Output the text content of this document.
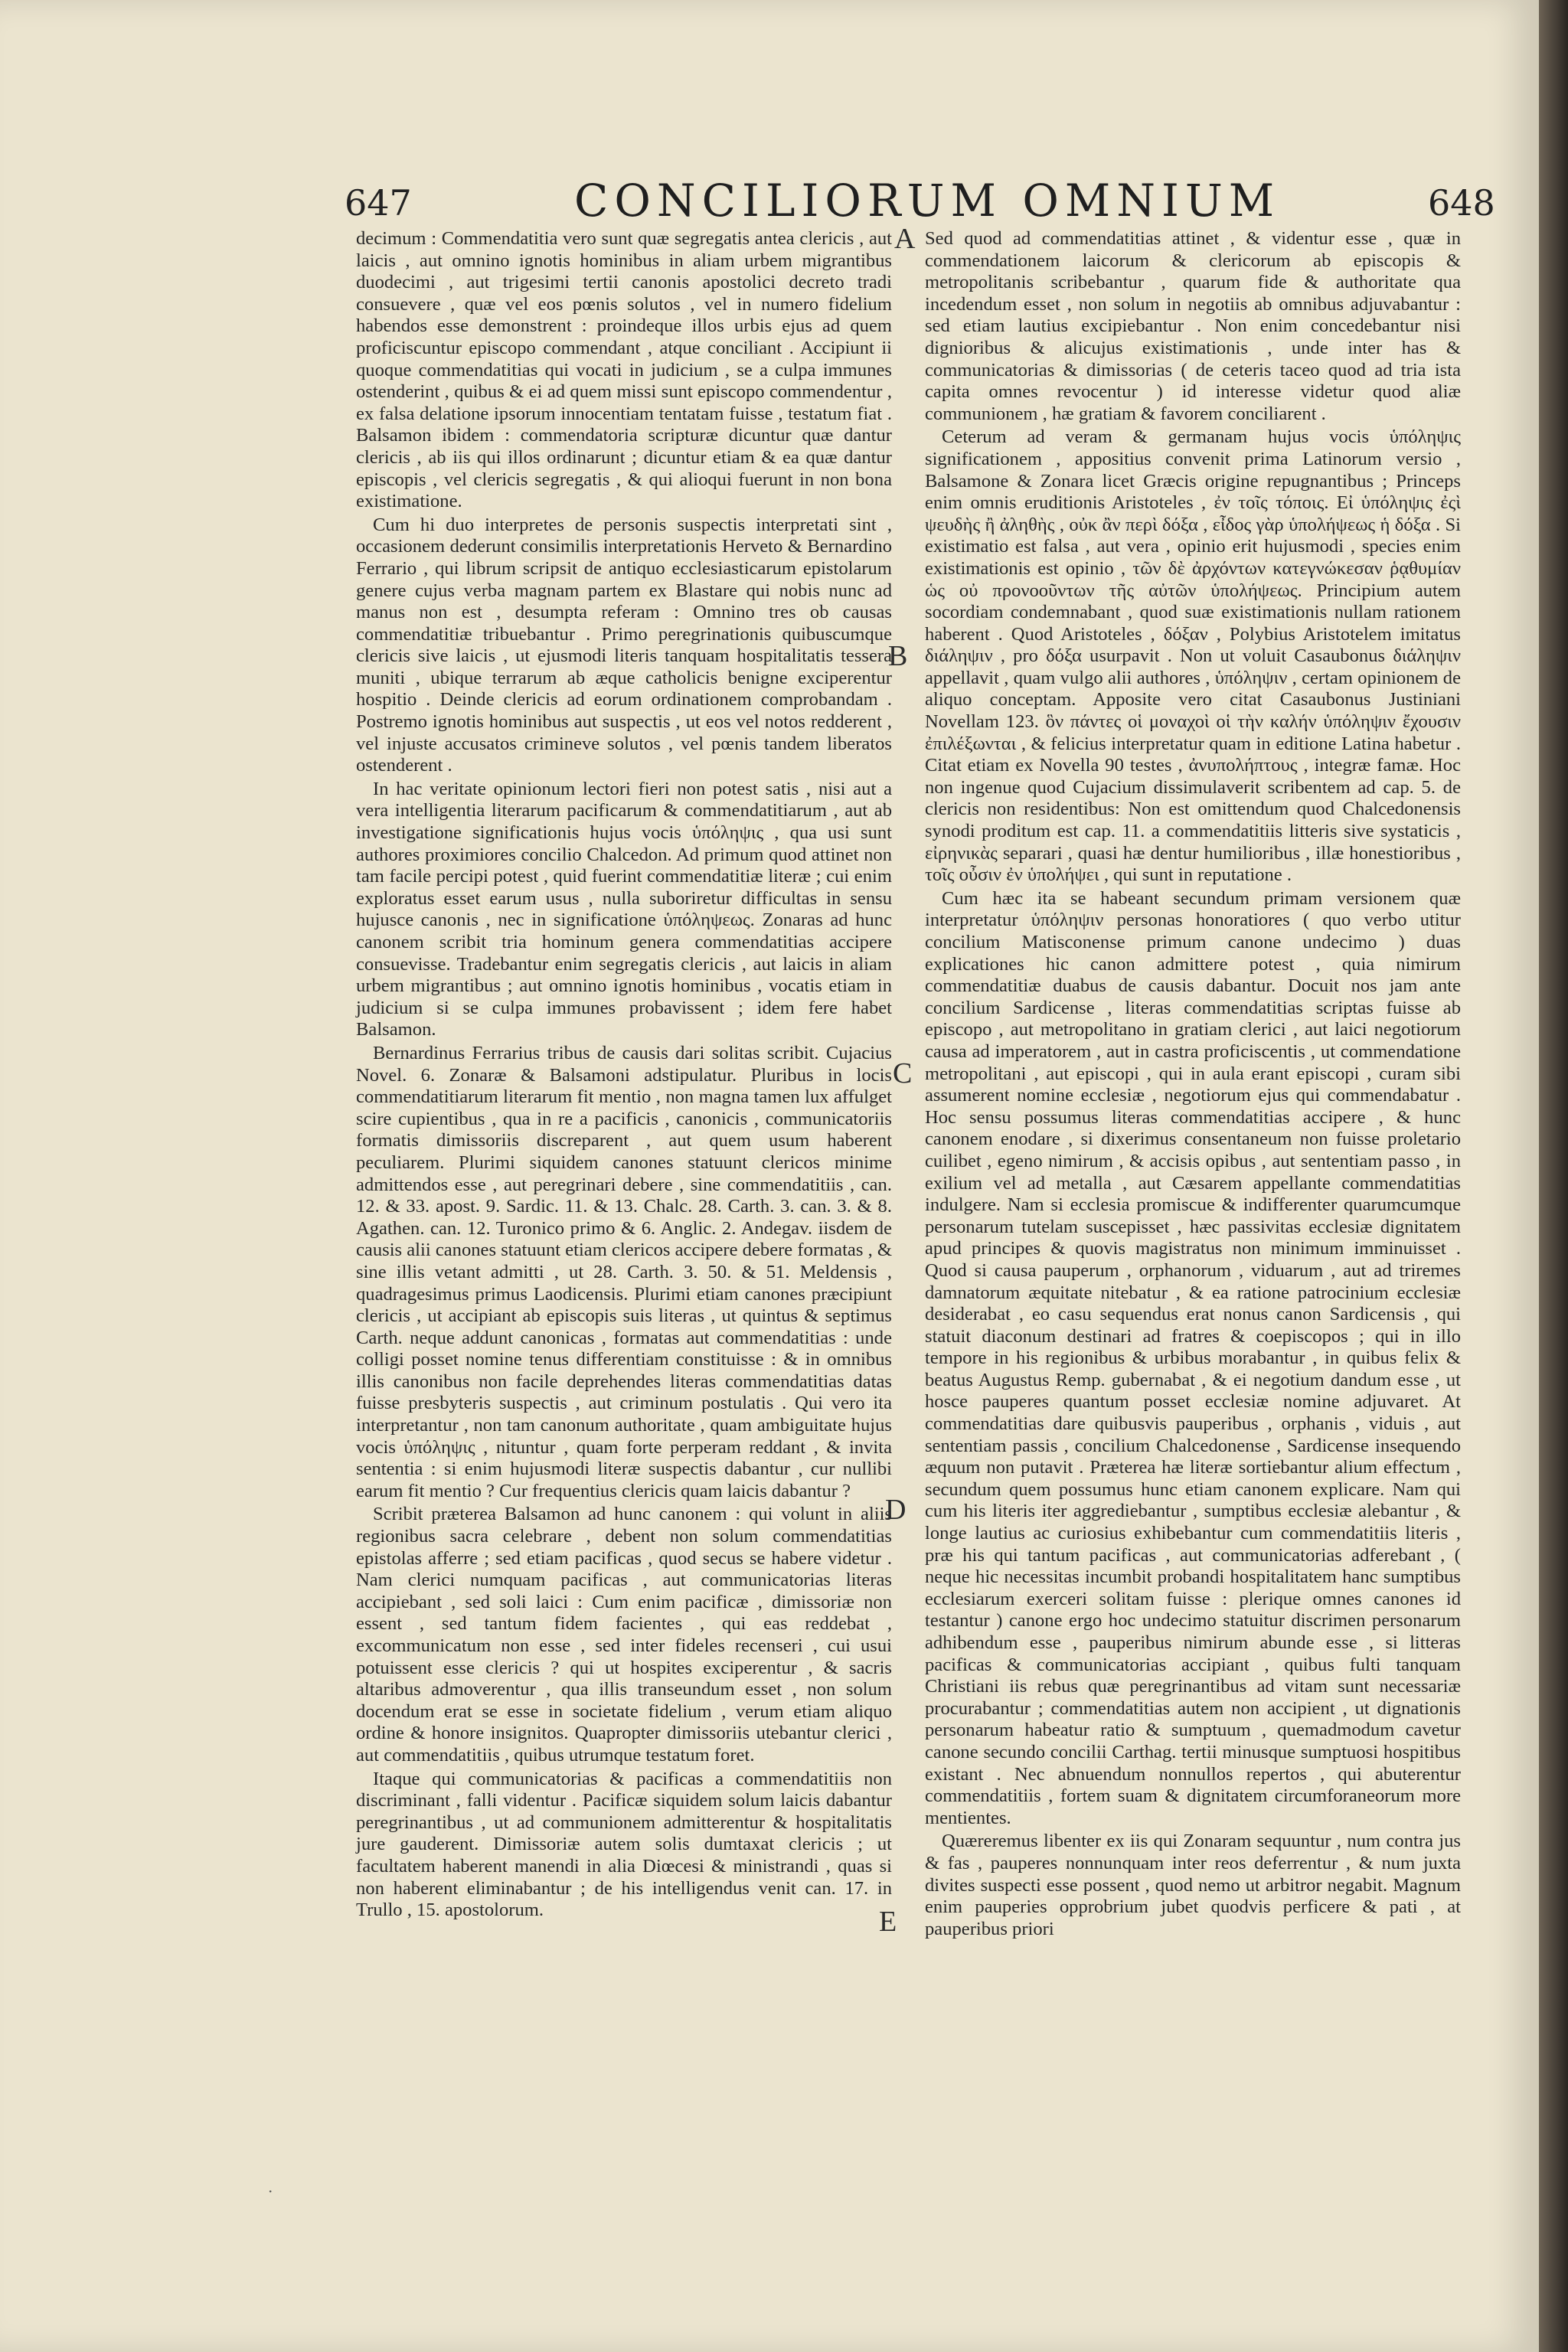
647	CONCILIORUM OMNIUM	648

decimum : Commendatitia vero sunt quæ segregatis antea clericis , aut laicis , aut omnino ignotis hominibus in aliam urbem migrantibus duodecimi , aut trigesimi tertii canonis apostolici decreto tradi consuevere , quæ vel eos pœnis solutos , vel in numero fidelium habendos esse demonstrent : proindeque illos urbis ejus ad quem proficiscuntur episcopo commendant , atque conciliant . Accipiunt ii quoque commendatitias qui vocati in judicium , se a culpa immunes ostenderint , quibus & ei ad quem missi sunt episcopo commendentur , ex falsa delatione ipsorum innocentiam tentatam fuisse , testatum fiat . Balsamon ibidem : commendatoria scripturæ dicuntur quæ dantur clericis , ab iis qui illos ordinarunt ; dicuntur etiam & ea quæ dantur episcopis , vel clericis segregatis , & qui alioqui fuerunt in non bona existimatione.

Cum hi duo interpretes de personis suspectis interpretati sint , occasionem dederunt consimilis interpretationis Herveto & Bernardino Ferrario , qui librum scripsit de antiquo ecclesiasticarum epistolarum genere cujus verba magnam partem ex Blastare qui nobis nunc ad manus non est , desumpta referam : Omnino tres ob causas commendatitiæ tribuebantur . Primo peregrinationis quibuscumque clericis sive laicis , ut ejusmodi literis tanquam hospitalitatis tessera muniti , ubique terrarum ab æque catholicis benigne exciperentur hospitio . Deinde clericis ad eorum ordinationem comprobandam . Postremo ignotis hominibus aut suspectis , ut eos vel notos redderent , vel injuste accusatos crimineve solutos , vel pœnis tandem liberatos ostenderent .

In hac veritate opinionum lectori fieri non potest satis , nisi aut a vera intelligentia literarum pacificarum & commendatitiarum , aut ab investigatione significationis hujus vocis ὑπόληψις , qua usi sunt authores proximiores concilio Chalcedon. Ad primum quod attinet non tam facile percipi potest , quid fuerint commendatitiæ literæ ; cui enim exploratus esset earum usus , nulla suboriretur difficultas in sensu hujusce canonis , nec in significatione ὑπόληψεως. Zonaras ad hunc canonem scribit tria hominum genera commendatitias accipere consuevisse. Tradebantur enim segregatis clericis , aut laicis in aliam urbem migrantibus ; aut omnino ignotis hominibus , vocatis etiam in judicium si se culpa immunes probavissent ; idem fere habet Balsamon.

Bernardinus Ferrarius tribus de causis dari solitas scribit. Cujacius Novel. 6. Zonaræ & Balsamoni adstipulatur. Pluribus in locis commendatitiarum literarum fit mentio , non magna tamen lux affulget scire cupientibus , qua in re a pacificis , canonicis , communicatoriis formatis dimissoriis discreparent , aut quem usum haberent peculiarem. Plurimi siquidem canones statuunt clericos minime admittendos esse , aut peregrinari debere , sine commendatitiis , can. 12. & 33. apost. 9. Sardic. 11. & 13. Chalc. 28. Carth. 3. can. 3. & 8. Agathen. can. 12. Turonico primo & 6. Anglic. 2. Andegav. iisdem de causis alii canones statuunt etiam clericos accipere debere formatas , & sine illis vetant admitti , ut 28. Carth. 3. 50. & 51. Meldensis , quadragesimus primus Laodicensis. Plurimi etiam canones præcipiunt clericis , ut accipiant ab episcopis suis literas , ut quintus & septimus Carth. neque addunt canonicas , formatas aut commendatitias : unde colligi posset nomine tenus differentiam constituisse : & in omnibus illis canonibus non facile deprehendes literas commendatitias datas fuisse presbyteris suspectis , aut criminum postulatis . Qui vero ita interpretantur , non tam canonum authoritate , quam ambiguitate hujus vocis ὑπόληψις , nituntur , quam forte perperam reddant , & invita sententia : si enim hujusmodi literæ suspectis dabantur , cur nullibi earum fit mentio ? Cur frequentius clericis quam laicis dabantur ?

Scribit præterea Balsamon ad hunc canonem : qui volunt in aliis regionibus sacra celebrare , debent non solum commendatitias epistolas afferre ; sed etiam pacificas , quod secus se habere videtur . Nam clerici numquam pacificas , aut communicatorias literas accipiebant , sed soli laici : Cum enim pacificæ , dimissoriæ non essent , sed tantum fidem facientes , qui eas reddebat , excommunicatum non esse , sed inter fideles recenseri , cui usui potuissent esse clericis ? qui ut hospites exciperentur , & sacris altaribus admoverentur , qua illis transeundum esset , non solum docendum erat se esse in societate fidelium , verum etiam aliquo ordine & honore insignitos. Quapropter dimissoriis utebantur clerici , aut commendatitiis , quibus utrumque testatum foret.

Itaque qui communicatorias & pacificas a commendatitiis non discriminant , falli videntur . Pacificæ siquidem solum laicis dabantur peregrinantibus , ut ad communionem admitterentur & hospitalitatis jure gauderent. Dimissoriæ autem solis dumtaxat clericis ; ut facultatem haberent manendi in alia Diœcesi & ministrandi , quas si non haberent eliminabantur ; de his intelligendus venit can. 17. in Trullo , 15. apostolorum.

A
B
C
D
E

Sed quod ad commendatitias attinet , & videntur esse , quæ in commendationem laicorum & clericorum ab episcopis & metropolitanis scribebantur , quarum fide & authoritate qua incedendum esset , non solum in negotiis ab omnibus adjuvabantur : sed etiam lautius excipiebantur . Non enim concedebantur nisi dignioribus & alicujus existimationis , unde inter has & communicatorias & dimissorias ( de ceteris taceo quod ad tria ista capita omnes revocentur ) id interesse videtur quod aliæ communionem , hæ gratiam & favorem conciliarent .

Ceterum ad veram & germanam hujus vocis ὑπόληψις significationem , appositius convenit prima Latinorum versio , Balsamone & Zonara licet Græcis origine repugnantibus ; Princeps enim omnis eruditionis Aristoteles , ἐν τοῖς τόποις. Εἰ ὑπόληψις ἐςὶ ψευδὴς ἢ ἀληθὴς , οὐκ ἂν περὶ δόξα , εἶδος γὰρ ὑπολήψεως ἡ δόξα . Si existimatio est falsa , aut vera , opinio erit hujusmodi , species enim existimationis est opinio , τῶν δὲ ἀρχόντων κατεγνώκεσαν ῥᾳθυμίαν ὡς οὐ προνοοῦντων τῆς αὐτῶν ὑπολήψεως. Principium autem socordiam condemnabant , quod suæ existimationis nullam rationem haberent . Quod Aristoteles , δόξαν , Polybius Aristotelem imitatus διάληψιν , pro δόξα usurpavit . Non ut voluit Casaubonus διάληψιν appellavit , quam vulgo alii authores , ὑπόληψιν , certam opinionem de aliquo conceptam. Apposite vero citat Casaubonus Justiniani Novellam 123. ὃν πάντες οἱ μοναχοὶ οἱ τὴν καλήν ὑπόληψιν ἔχουσιν ἐπιλέξωνται , & felicius interpretatur quam in editione Latina habetur . Citat etiam ex Novella 90 testes , ἀνυπολήπτους , integræ famæ. Hoc non ingenue quod Cujacium dissimulaverit scribentem ad cap. 5. de clericis non residentibus: Non est omittendum quod Chalcedonensis synodi proditum est cap. 11. a commendatitiis litteris sive systaticis , εἰρηνικὰς separari , quasi hæ dentur humilioribus , illæ honestioribus , τοῖς οὖσιν ἐν ὑπολήψει , qui sunt in reputatione .

Cum hæc ita se habeant secundum primam versionem quæ interpretatur ὑπόληψιν personas honoratiores ( quo verbo utitur concilium Matisconense primum canone undecimo ) duas explicationes hic canon admittere potest , quia nimirum commendatitiæ duabus de causis dabantur. Docuit nos jam ante concilium Sardicense , literas commendatitias scriptas fuisse ab episcopo , aut metropolitano in gratiam clerici , aut laici negotiorum causa ad imperatorem , aut in castra proficiscentis , ut commendatione metropolitani , aut episcopi , qui in aula erant episcopi , curam sibi assumerent nomine ecclesiæ , negotiorum ejus qui commendabatur . Hoc sensu possumus literas commendatitias accipere , & hunc canonem enodare , si dixerimus consentaneum non fuisse proletario cuilibet , egeno nimirum , & accisis opibus , aut sententiam passo , in exilium vel ad metalla , aut Cæsarem appellante commendatitias indulgere. Nam si ecclesia promiscue & indifferenter quarumcumque personarum tutelam suscepisset , hæc passivitas ecclesiæ dignitatem apud principes & quovis magistratus non minimum imminuisset . Quod si causa pauperum , orphanorum , viduarum , aut ad triremes damnatorum æquitate nitebatur , & ea ratione patrocinium ecclesiæ desiderabat , eo casu sequendus erat nonus canon Sardicensis , qui statuit diaconum destinari ad fratres & coepiscopos ; qui in illo tempore in his regionibus & urbibus morabantur , in quibus felix & beatus Augustus Remp. gubernabat , & ei negotium dandum esse , ut hosce pauperes quantum posset ecclesiæ nomine adjuvaret. At commendatitias dare quibusvis pauperibus , orphanis , viduis , aut sententiam passis , concilium Chalcedonense , Sardicense insequendo æquum non putavit . Præterea hæ literæ sortiebantur alium effectum , secundum quem possumus hunc etiam canonem explicare. Nam qui cum his literis iter aggrediebantur , sumptibus ecclesiæ alebantur , & longe lautius ac curiosius exhibebantur cum commendatitiis literis , præ his qui tantum pacificas , aut communicatorias adferebant , ( neque hic necessitas incumbit probandi hospitalitatem hanc sumptibus ecclesiarum exerceri solitam fuisse : plerique omnes canones id testantur ) canone ergo hoc undecimo statuitur discrimen personarum adhibendum esse , pauperibus nimirum abunde esse , si litteras pacificas & communicatorias accipiant , quibus fulti tanquam Christiani iis rebus quæ peregrinantibus ad vitam sunt necessariæ procurabantur ; commendatitias autem non accipient , ut dignationis personarum habeatur ratio & sumptuum , quemadmodum cavetur canone secundo concilii Carthag. tertii minusque sumptuosi hospitibus existant . Nec abnuendum nonnullos repertos , qui abuterentur commendatitiis , fortem suam & dignitatem circumforaneorum more mentientes.

Quæreremus libenter ex iis qui Zonaram sequuntur , num contra jus & fas , pauperes nonnunquam inter reos deferrentur , & num juxta divites suspecti esse possent , quod nemo ut arbitror negabit. Magnum enim pauperies opprobrium jubet quodvis perficere & pati , at pauperibus priori

·
